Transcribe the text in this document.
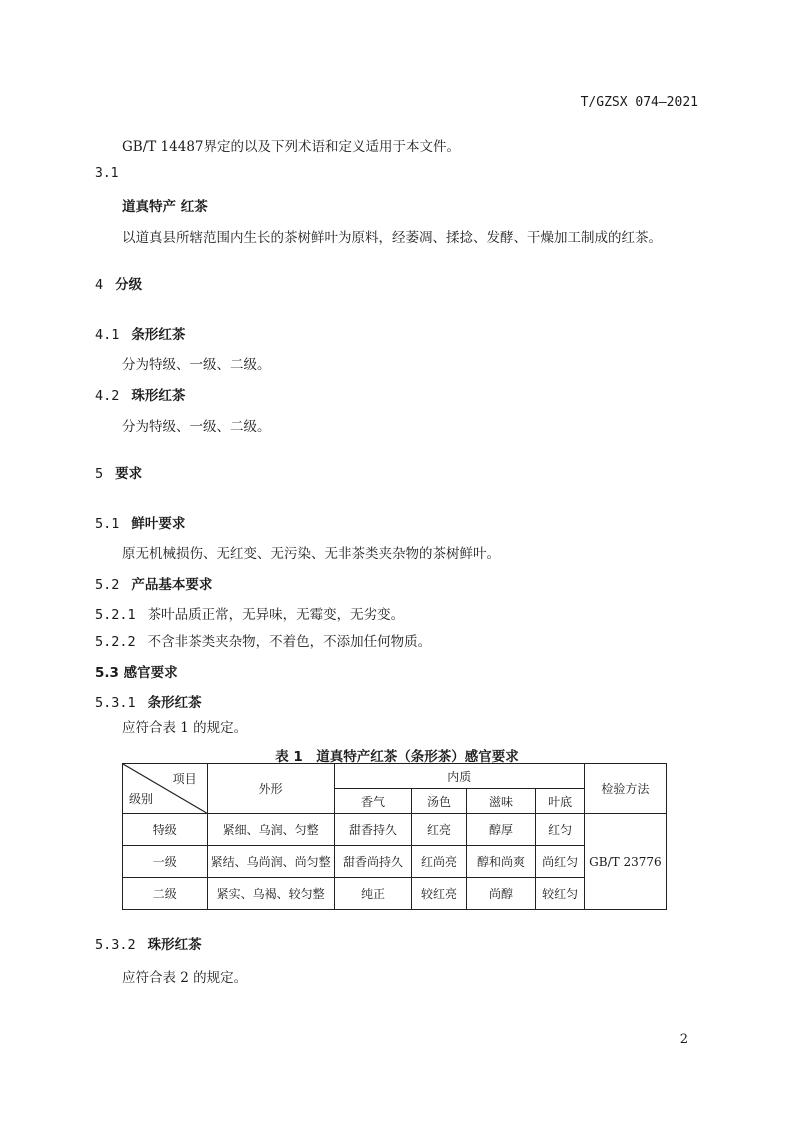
T/GZSX 074—2021
GB/T 14487界定的以及下列术语和定义适用于本文件。
3.1
道真特产 红茶
以道真县所辖范围内生长的茶树鲜叶为原料，经萎凋、揉捻、发酵、干燥加工制成的红茶。
4 分级
4.1 条形红茶
分为特级、一级、二级。
4.2 珠形红茶
分为特级、一级、二级。
5 要求
5.1 鲜叶要求
原无机械损伤、无红变、无污染、无非茶类夹杂物的茶树鲜叶。
5.2 产品基本要求
5.2.1 茶叶品质正常，无异味，无霉变，无劣变。
5.2.2 不含非茶类夹杂物，不着色，不添加任何物质。
5.3 感官要求
5.3.1 条形红茶
应符合表 1 的规定。
表 1　道真特产红茶（条形茶）感官要求
项目
级别	外形	内质				检验方法
		香气	汤色	滋味	叶底	
特级	紧细、乌润、匀整	甜香持久	红亮	醇厚	红匀	GB/T 23776
一级	紧结、乌尚润、尚匀整	甜香尚持久	红尚亮	醇和尚爽	尚红匀	
二级	紧实、乌褐、较匀整	纯正	较红亮	尚醇	较红匀	
5.3.2 珠形红茶
应符合表 2 的规定。
2
